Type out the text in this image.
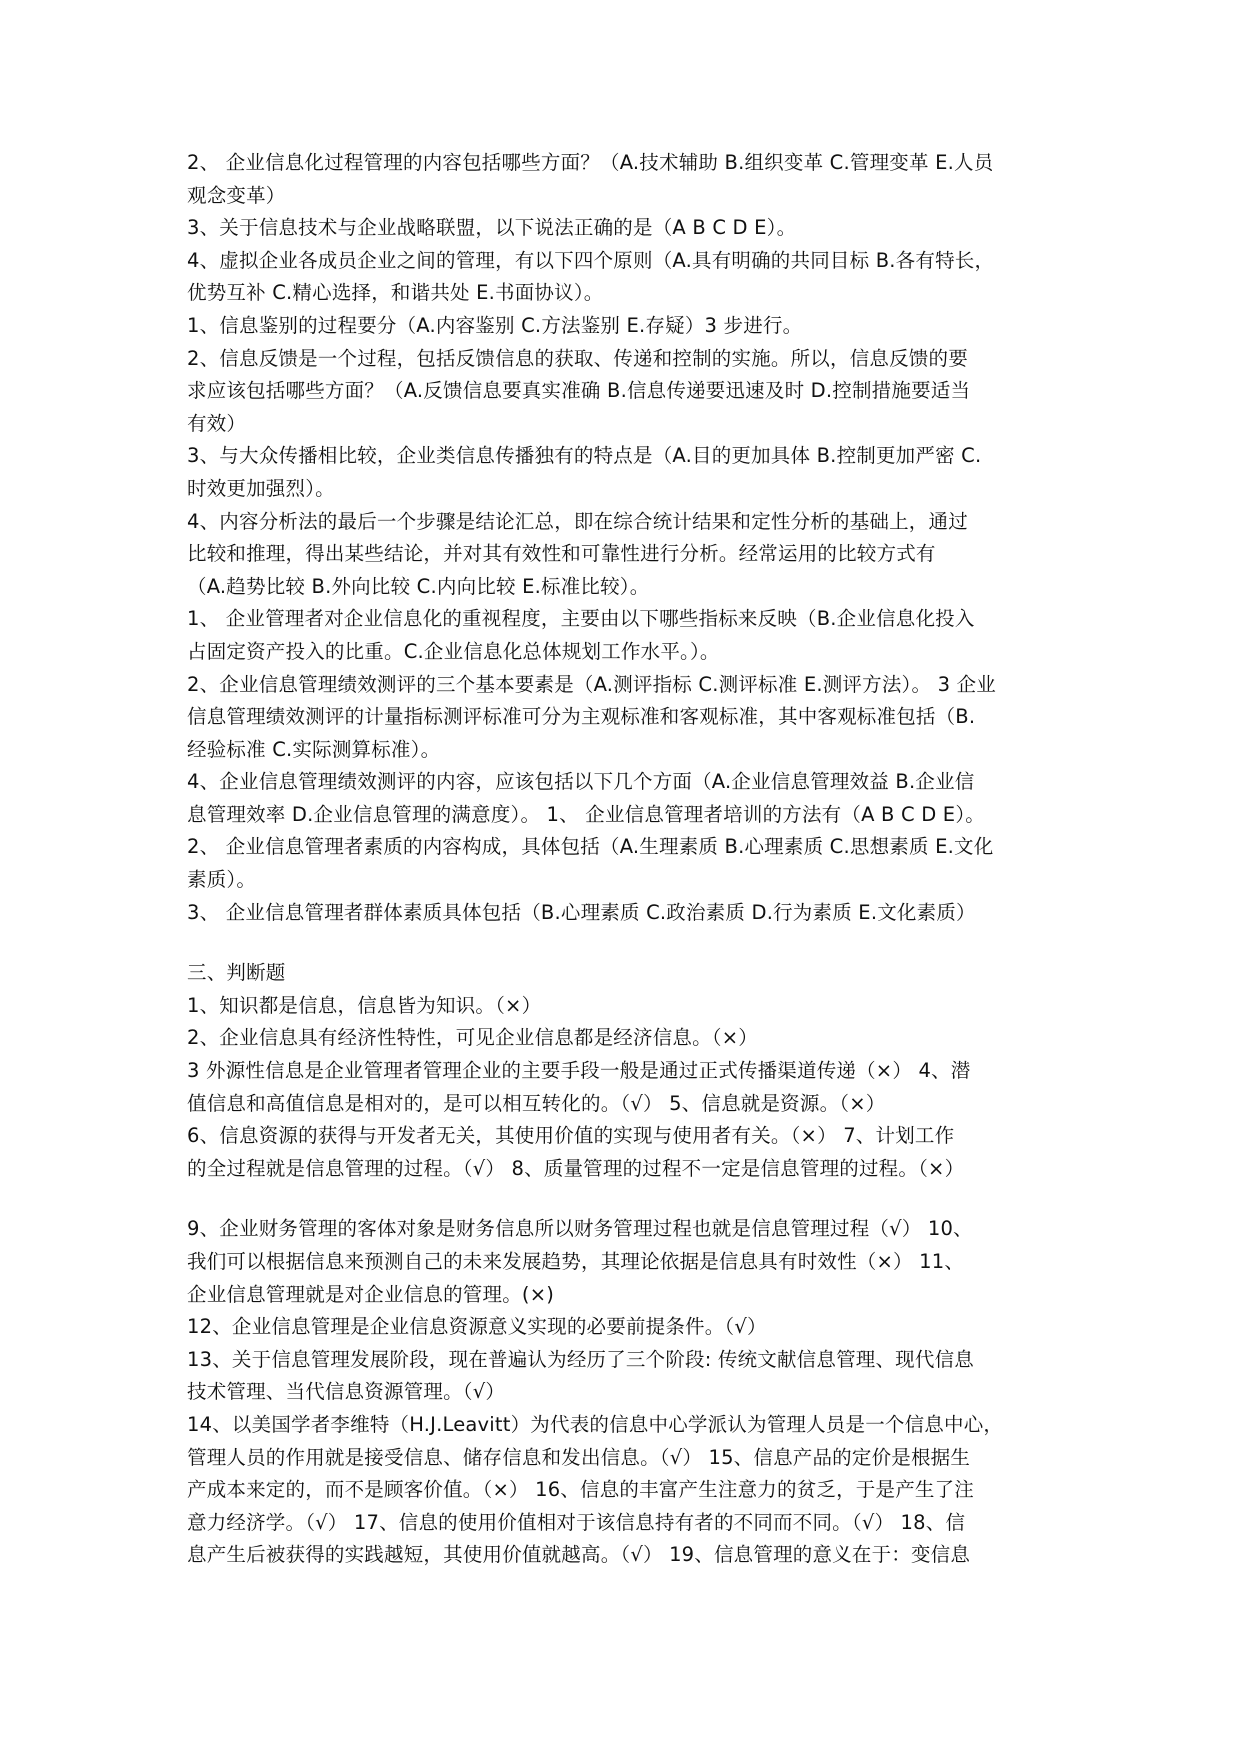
2、 企业信息化过程管理的内容包括哪些方面？（A.技术辅助 B.组织变革 C.管理变革 E.人员
观念变革）
3、关于信息技术与企业战略联盟，以下说法正确的是（A B C D E）。
4、虚拟企业各成员企业之间的管理，有以下四个原则（A.具有明确的共同目标 B.各有特长，
优势互补 C.精心选择，和谐共处 E.书面协议）。
1、信息鉴别的过程要分（A.内容鉴别 C.方法鉴别 E.存疑）3 步进行。
2、信息反馈是一个过程，包括反馈信息的获取、传递和控制的实施。所以，信息反馈的要
求应该包括哪些方面？（A.反馈信息要真实准确 B.信息传递要迅速及时 D.控制措施要适当
有效）
3、与大众传播相比较，企业类信息传播独有的特点是（A.目的更加具体 B.控制更加严密 C.
时效更加强烈）。
4、内容分析法的最后一个步骤是结论汇总，即在综合统计结果和定性分析的基础上，通过
比较和推理，得出某些结论，并对其有效性和可靠性进行分析。经常运用的比较方式有
（A.趋势比较 B.外向比较 C.内向比较 E.标准比较）。
1、 企业管理者对企业信息化的重视程度，主要由以下哪些指标来反映（B.企业信息化投入
占固定资产投入的比重。C.企业信息化总体规划工作水平。）。
2、企业信息管理绩效测评的三个基本要素是（A.测评指标 C.测评标准 E.测评方法）。 3 企业
信息管理绩效测评的计量指标测评标准可分为主观标准和客观标准，其中客观标准包括（B.
经验标准 C.实际测算标准）。
4、企业信息管理绩效测评的内容，应该包括以下几个方面（A.企业信息管理效益 B.企业信
息管理效率 D.企业信息管理的满意度）。 1、 企业信息管理者培训的方法有（A B C D E）。
2、 企业信息管理者素质的内容构成，具体包括（A.生理素质 B.心理素质 C.思想素质 E.文化
素质）。
3、 企业信息管理者群体素质具体包括（B.心理素质 C.政治素质 D.行为素质 E.文化素质）
三、判断题
1、知识都是信息，信息皆为知识。（×）
2、企业信息具有经济性特性，可见企业信息都是经济信息。（×）
3 外源性信息是企业管理者管理企业的主要手段一般是通过正式传播渠道传递（×） 4、潜
值信息和高值信息是相对的，是可以相互转化的。（√） 5、信息就是资源。（×）
6、信息资源的获得与开发者无关，其使用价值的实现与使用者有关。（×） 7、计划工作
的全过程就是信息管理的过程。（√） 8、质量管理的过程不一定是信息管理的过程。（×）
9、企业财务管理的客体对象是财务信息所以财务管理过程也就是信息管理过程（√） 10、
我们可以根据信息来预测自己的未来发展趋势，其理论依据是信息具有时效性（×） 11、
企业信息管理就是对企业信息的管理。(×)
12、企业信息管理是企业信息资源意义实现的必要前提条件。（√）
13、关于信息管理发展阶段，现在普遍认为经历了三个阶段: 传统文献信息管理、现代信息
技术管理、当代信息资源管理。（√）
14、以美国学者李维特（H.J.Leavitt）为代表的信息中心学派认为管理人员是一个信息中心，
管理人员的作用就是接受信息、储存信息和发出信息。（√） 15、信息产品的定价是根据生
产成本来定的，而不是顾客价值。（×） 16、信息的丰富产生注意力的贫乏，于是产生了注
意力经济学。（√） 17、信息的使用价值相对于该信息持有者的不同而不同。（√） 18、信
息产生后被获得的实践越短，其使用价值就越高。（√） 19、信息管理的意义在于：变信息
